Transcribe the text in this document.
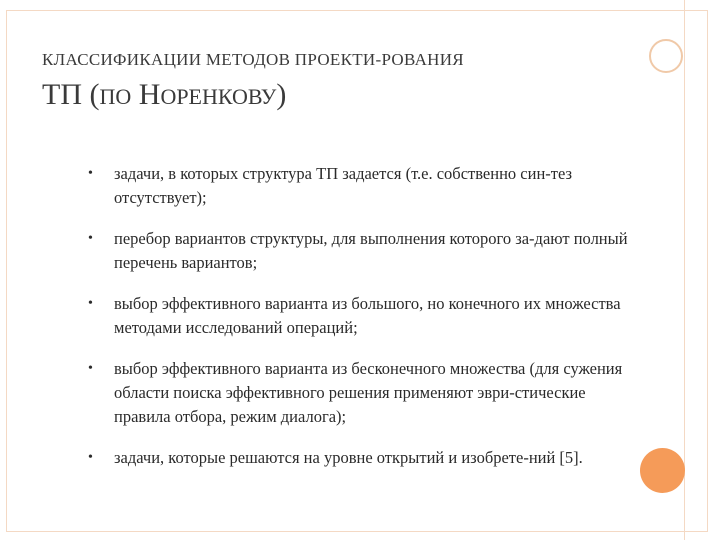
КЛАССИФИКАЦИИ МЕТОДОВ ПРОЕКТИ-РОВАНИЯ
ТП (ПО НОРЕНКОВУ)
• задачи, в которых структура ТП задается (т.е. собственно син-тез отсутствует);
• перебор вариантов структуры, для выполнения которого за-дают полный перечень вариантов;
• выбор эффективного варианта из большого, но конечного их множества методами исследований операций;
• выбор эффективного варианта из бесконечного множества (для сужения области поиска эффективного решения применяют эври-стические правила отбора, режим диалога);
• задачи, которые решаются на уровне открытий и изобрете-ний [5].
